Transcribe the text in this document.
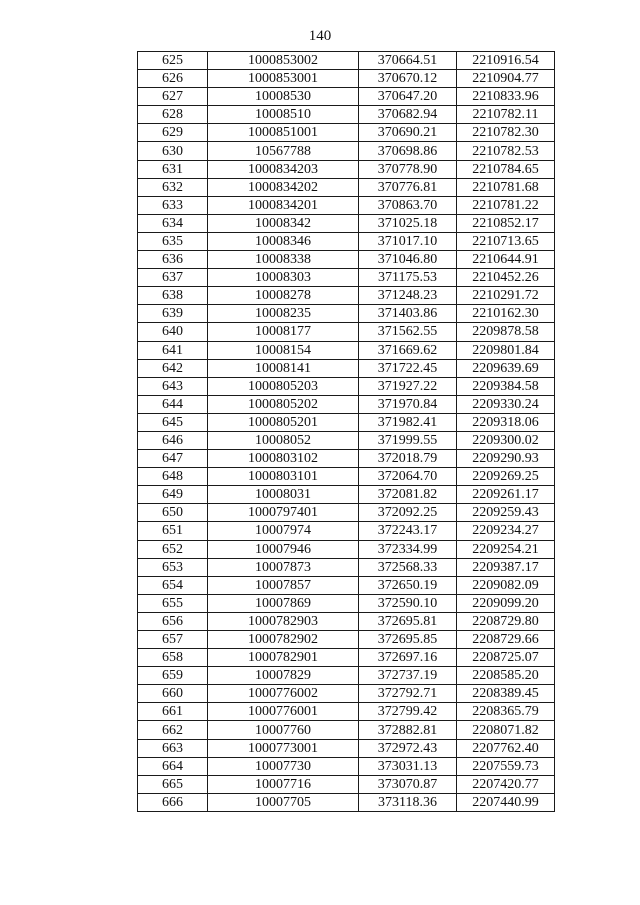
140
625	1000853002	370664.51	2210916.54
626	1000853001	370670.12	2210904.77
627	10008530	370647.20	2210833.96
628	10008510	370682.94	2210782.11
629	1000851001	370690.21	2210782.30
630	10567788	370698.86	2210782.53
631	1000834203	370778.90	2210784.65
632	1000834202	370776.81	2210781.68
633	1000834201	370863.70	2210781.22
634	10008342	371025.18	2210852.17
635	10008346	371017.10	2210713.65
636	10008338	371046.80	2210644.91
637	10008303	371175.53	2210452.26
638	10008278	371248.23	2210291.72
639	10008235	371403.86	2210162.30
640	10008177	371562.55	2209878.58
641	10008154	371669.62	2209801.84
642	10008141	371722.45	2209639.69
643	1000805203	371927.22	2209384.58
644	1000805202	371970.84	2209330.24
645	1000805201	371982.41	2209318.06
646	10008052	371999.55	2209300.02
647	1000803102	372018.79	2209290.93
648	1000803101	372064.70	2209269.25
649	10008031	372081.82	2209261.17
650	1000797401	372092.25	2209259.43
651	10007974	372243.17	2209234.27
652	10007946	372334.99	2209254.21
653	10007873	372568.33	2209387.17
654	10007857	372650.19	2209082.09
655	10007869	372590.10	2209099.20
656	1000782903	372695.81	2208729.80
657	1000782902	372695.85	2208729.66
658	1000782901	372697.16	2208725.07
659	10007829	372737.19	2208585.20
660	1000776002	372792.71	2208389.45
661	1000776001	372799.42	2208365.79
662	10007760	372882.81	2208071.82
663	1000773001	372972.43	2207762.40
664	10007730	373031.13	2207559.73
665	10007716	373070.87	2207420.77
666	10007705	373118.36	2207440.99
